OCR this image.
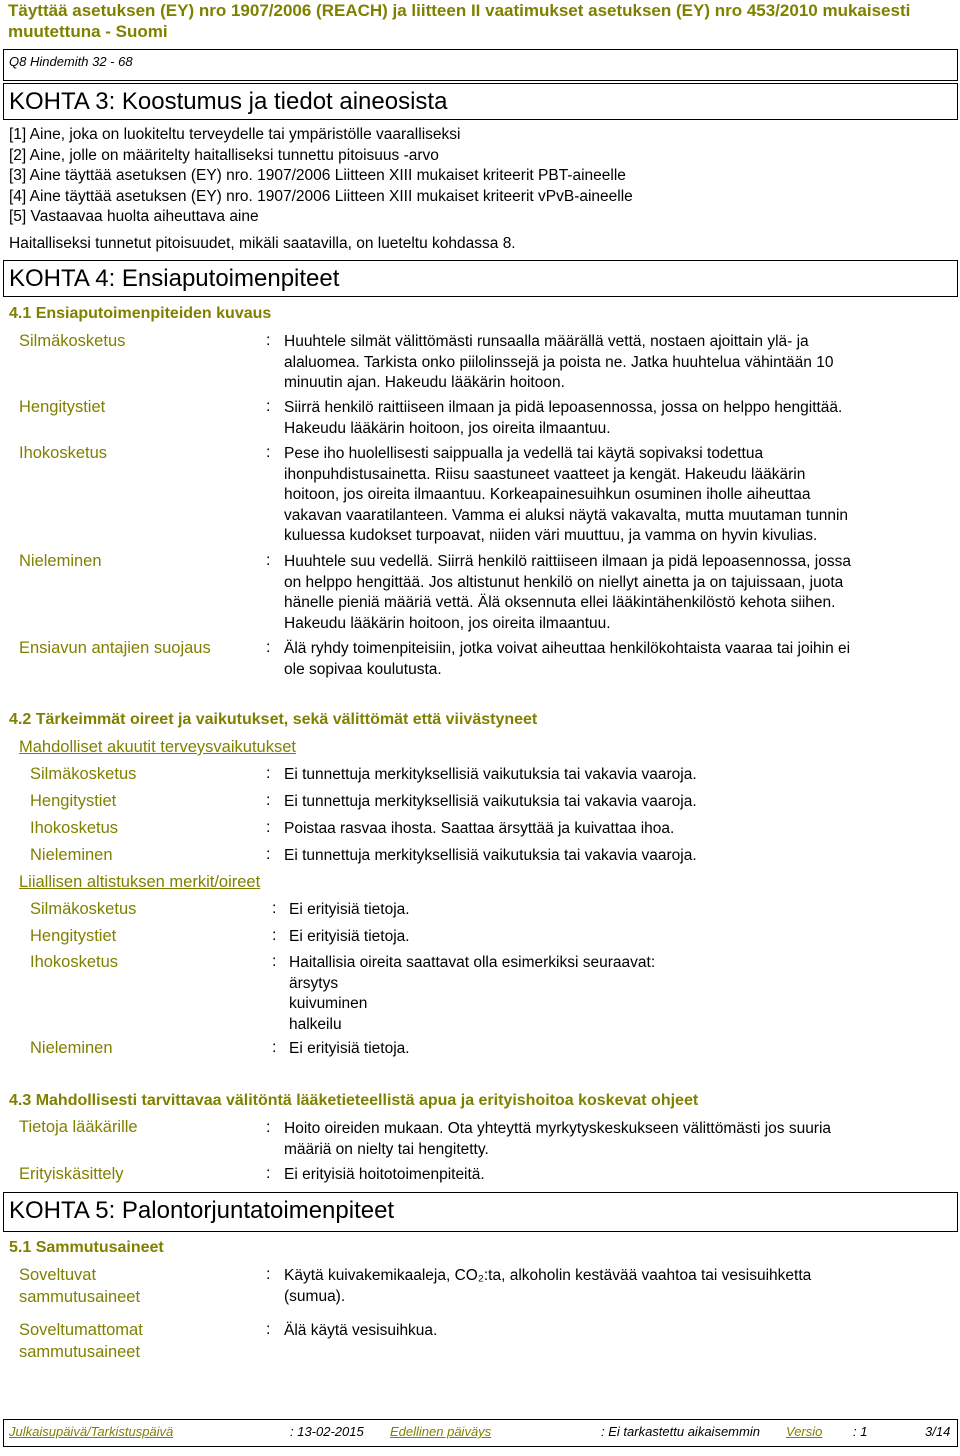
Täyttää asetuksen (EY) nro 1907/2006 (REACH) ja liitteen II vaatimukset asetuksen (EY) nro 453/2010 mukaisesti
muutettuna - Suomi
Q8 Hindemith 32 - 68
KOHTA 3: Koostumus ja tiedot aineosista
[1] Aine, joka on luokiteltu terveydelle tai ympäristölle vaaralliseksi
[2] Aine, jolle on määritelty haitalliseksi tunnettu pitoisuus -arvo
[3] Aine täyttää asetuksen (EY) nro. 1907/2006 Liitteen XIII mukaiset kriteerit PBT-aineelle
[4] Aine täyttää asetuksen (EY) nro. 1907/2006 Liitteen XIII mukaiset kriteerit vPvB-aineelle
[5] Vastaavaa huolta aiheuttava aine
Haitalliseksi tunnetut pitoisuudet, mikäli saatavilla, on lueteltu kohdassa 8.
KOHTA 4: Ensiaputoimenpiteet
4.1 Ensiaputoimenpiteiden kuvaus
Silmäkosketus	: Huuhtele silmät välittömästi runsaalla määrällä vettä, nostaen ajoittain ylä- ja
alaluomea. Tarkista onko piilolinssejä ja poista ne. Jatka huuhtelua vähintään 10
minuutin ajan. Hakeudu lääkärin hoitoon.
Hengitystiet	: Siirrä henkilö raittiiseen ilmaan ja pidä lepoasennossa, jossa on helppo hengittää.
Hakeudu lääkärin hoitoon, jos oireita ilmaantuu.
Ihokosketus	: Pese iho huolellisesti saippualla ja vedellä tai käytä sopivaksi todettua
ihonpuhdistusainetta. Riisu saastuneet vaatteet ja kengät. Hakeudu lääkärin
hoitoon, jos oireita ilmaantuu. Korkeapainesuihkun osuminen iholle aiheuttaa
vakavan vaaratilanteen. Vamma ei aluksi näytä vakavalta, mutta muutaman tunnin
kuluessa kudokset turpoavat, niiden väri muuttuu, ja vamma on hyvin kivulias.
Nieleminen	: Huuhtele suu vedellä. Siirrä henkilö raittiiseen ilmaan ja pidä lepoasennossa, jossa
on helppo hengittää. Jos altistunut henkilö on niellyt ainetta ja on tajuissaan, juota
hänelle pieniä määriä vettä. Älä oksennuta ellei lääkintähenkilöstö kehota siihen.
Hakeudu lääkärin hoitoon, jos oireita ilmaantuu.
Ensiavun antajien suojaus	: Älä ryhdy toimenpiteisiin, jotka voivat aiheuttaa henkilökohtaista vaaraa tai joihin ei
ole sopivaa koulutusta.
4.2 Tärkeimmät oireet ja vaikutukset, sekä välittömät että viivästyneet
Mahdolliset akuutit terveysvaikutukset
Silmäkosketus	: Ei tunnettuja merkityksellisiä vaikutuksia tai vakavia vaaroja.
Hengitystiet	: Ei tunnettuja merkityksellisiä vaikutuksia tai vakavia vaaroja.
Ihokosketus	: Poistaa rasvaa ihosta. Saattaa ärsyttää ja kuivattaa ihoa.
Nieleminen	: Ei tunnettuja merkityksellisiä vaikutuksia tai vakavia vaaroja.
Liiallisen altistuksen merkit/oireet
Silmäkosketus	: Ei erityisiä tietoja.
Hengitystiet	: Ei erityisiä tietoja.
Ihokosketus	: Haitallisia oireita saattavat olla esimerkiksi seuraavat:
ärsytys
kuivuminen
halkeilu
Nieleminen	: Ei erityisiä tietoja.
4.3 Mahdollisesti tarvittavaa välitöntä lääketieteellistä apua ja erityishoitoa koskevat ohjeet
Tietoja lääkärille	: Hoito oireiden mukaan. Ota yhteyttä myrkytyskeskukseen välittömästi jos suuria
määriä on nielty tai hengitetty.
Erityiskäsittely	: Ei erityisiä hoitotoimenpiteitä.
KOHTA 5: Palontorjuntatoimenpiteet
5.1 Sammutusaineet
Soveltuvat
sammutusaineet
: Käytä kuivakemikaaleja, CO₂:ta, alkoholin kestävää vaahtoa tai vesisuihketta
(sumua).
Soveltumattomat
sammutusaineet
: Älä käytä vesisuihkua.
Julkaisupäivä/Tarkistuspäivä	: 13-02-2015 Edellinen päiväys	: Ei tarkastettu aikaisemmin Versio : 1	3/14
